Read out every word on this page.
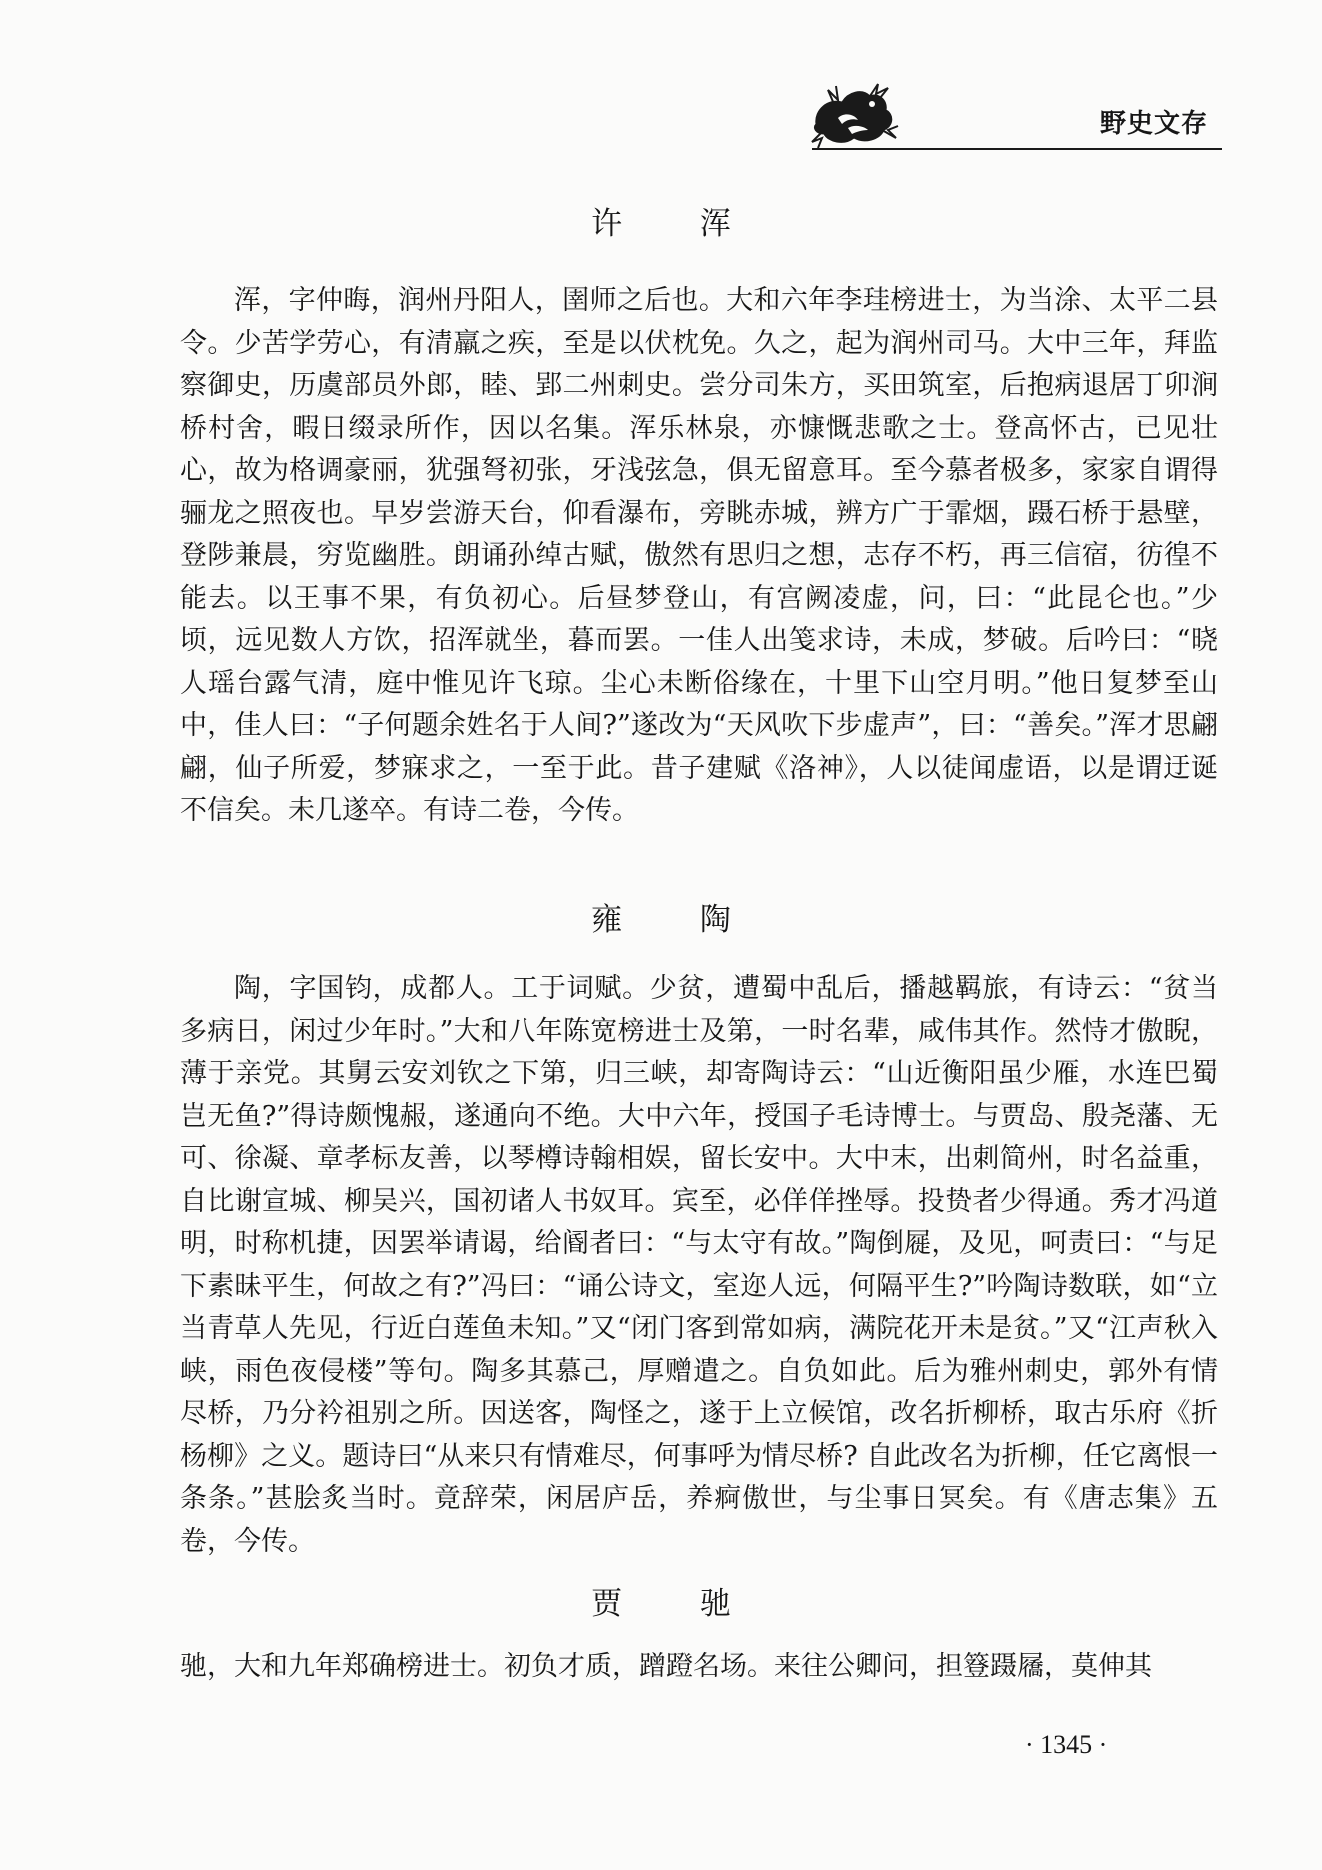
野史文存
许 浑

浑，字仲晦，润州丹阳人，圉师之后也。大和六年李珪榜进士，为当涂、太平二县令。少苦学劳心，有清羸之疾，至是以伏枕免。久之，起为润州司马。大中三年，拜监察御史，历虞部员外郎，睦、郢二州刺史。尝分司朱方，买田筑室，后抱病退居丁卯涧桥村舍，暇日缀录所作，因以名集。浑乐林泉，亦慷慨悲歌之士。登高怀古，已见壮心，故为格调豪丽，犹强弩初张，牙浅弦急，俱无留意耳。至今慕者极多，家家自谓得骊龙之照夜也。早岁尝游天台，仰看瀑布，旁眺赤城，辨方广于霏烟，蹑石桥于悬壁，登陟兼晨，穷览幽胜。朗诵孙绰古赋，傲然有思归之想，志存不朽，再三信宿，彷徨不能去。以王事不果，有负初心。后昼梦登山，有宫阙凌虚，问，曰：“此昆仑也。”少顷，远见数人方饮，招浑就坐，暮而罢。一佳人出笺求诗，未成，梦破。后吟曰：“晓人瑶台露气清，庭中惟见许飞琼。尘心未断俗缘在，十里下山空月明。”他日复梦至山中，佳人曰：“子何题余姓名于人间?”遂改为“天风吹下步虚声”，曰：“善矣。”浑才思翩翩，仙子所爱，梦寐求之，一至于此。昔子建赋《洛神》，人以徒闻虚语，以是谓迂诞不信矣。未几遂卒。有诗二卷，今传。

雍 陶

陶，字国钧，成都人。工于词赋。少贫，遭蜀中乱后，播越羁旅，有诗云：“贫当多病日，闲过少年时。”大和八年陈宽榜进士及第，一时名辈，咸伟其作。然恃才傲睨，薄于亲党。其舅云安刘钦之下第，归三峡，却寄陶诗云：“山近衡阳虽少雁，水连巴蜀岂无鱼?”得诗颇愧赧，遂通向不绝。大中六年，授国子毛诗博士。与贾岛、殷尧藩、无可、徐凝、章孝标友善，以琴樽诗翰相娱，留长安中。大中末，出刺简州，时名益重，自比谢宣城、柳吴兴，国初诸人书奴耳。宾至，必佯佯挫辱。投贽者少得通。秀才冯道明，时称机捷，因罢举请谒，给阍者曰：“与太守有故。”陶倒屣，及见，呵责曰：“与足下素昧平生，何故之有?”冯曰：“诵公诗文，室迩人远，何隔平生?”吟陶诗数联，如“立当青草人先见，行近白莲鱼未知。”又“闭门客到常如病，满院花开未是贫。”又“江声秋入峡，雨色夜侵楼”等句。陶多其慕己，厚赠遣之。自负如此。后为雅州刺史，郭外有情尽桥，乃分衿祖别之所。因送客，陶怪之，遂于上立候馆，改名折柳桥，取古乐府《折杨柳》之义。题诗曰“从来只有情难尽，何事呼为情尽桥? 自此改名为折柳，任它离恨一条条。”甚脍炙当时。竟辞荣，闲居庐岳，养痾傲世，与尘事日冥矣。有《唐志集》五卷，今传。

贾 驰

驰，大和九年郑确榜进士。初负才质，蹭蹬名场。来往公卿问，担簦蹑屩，莫伸其

· 1345 ·
